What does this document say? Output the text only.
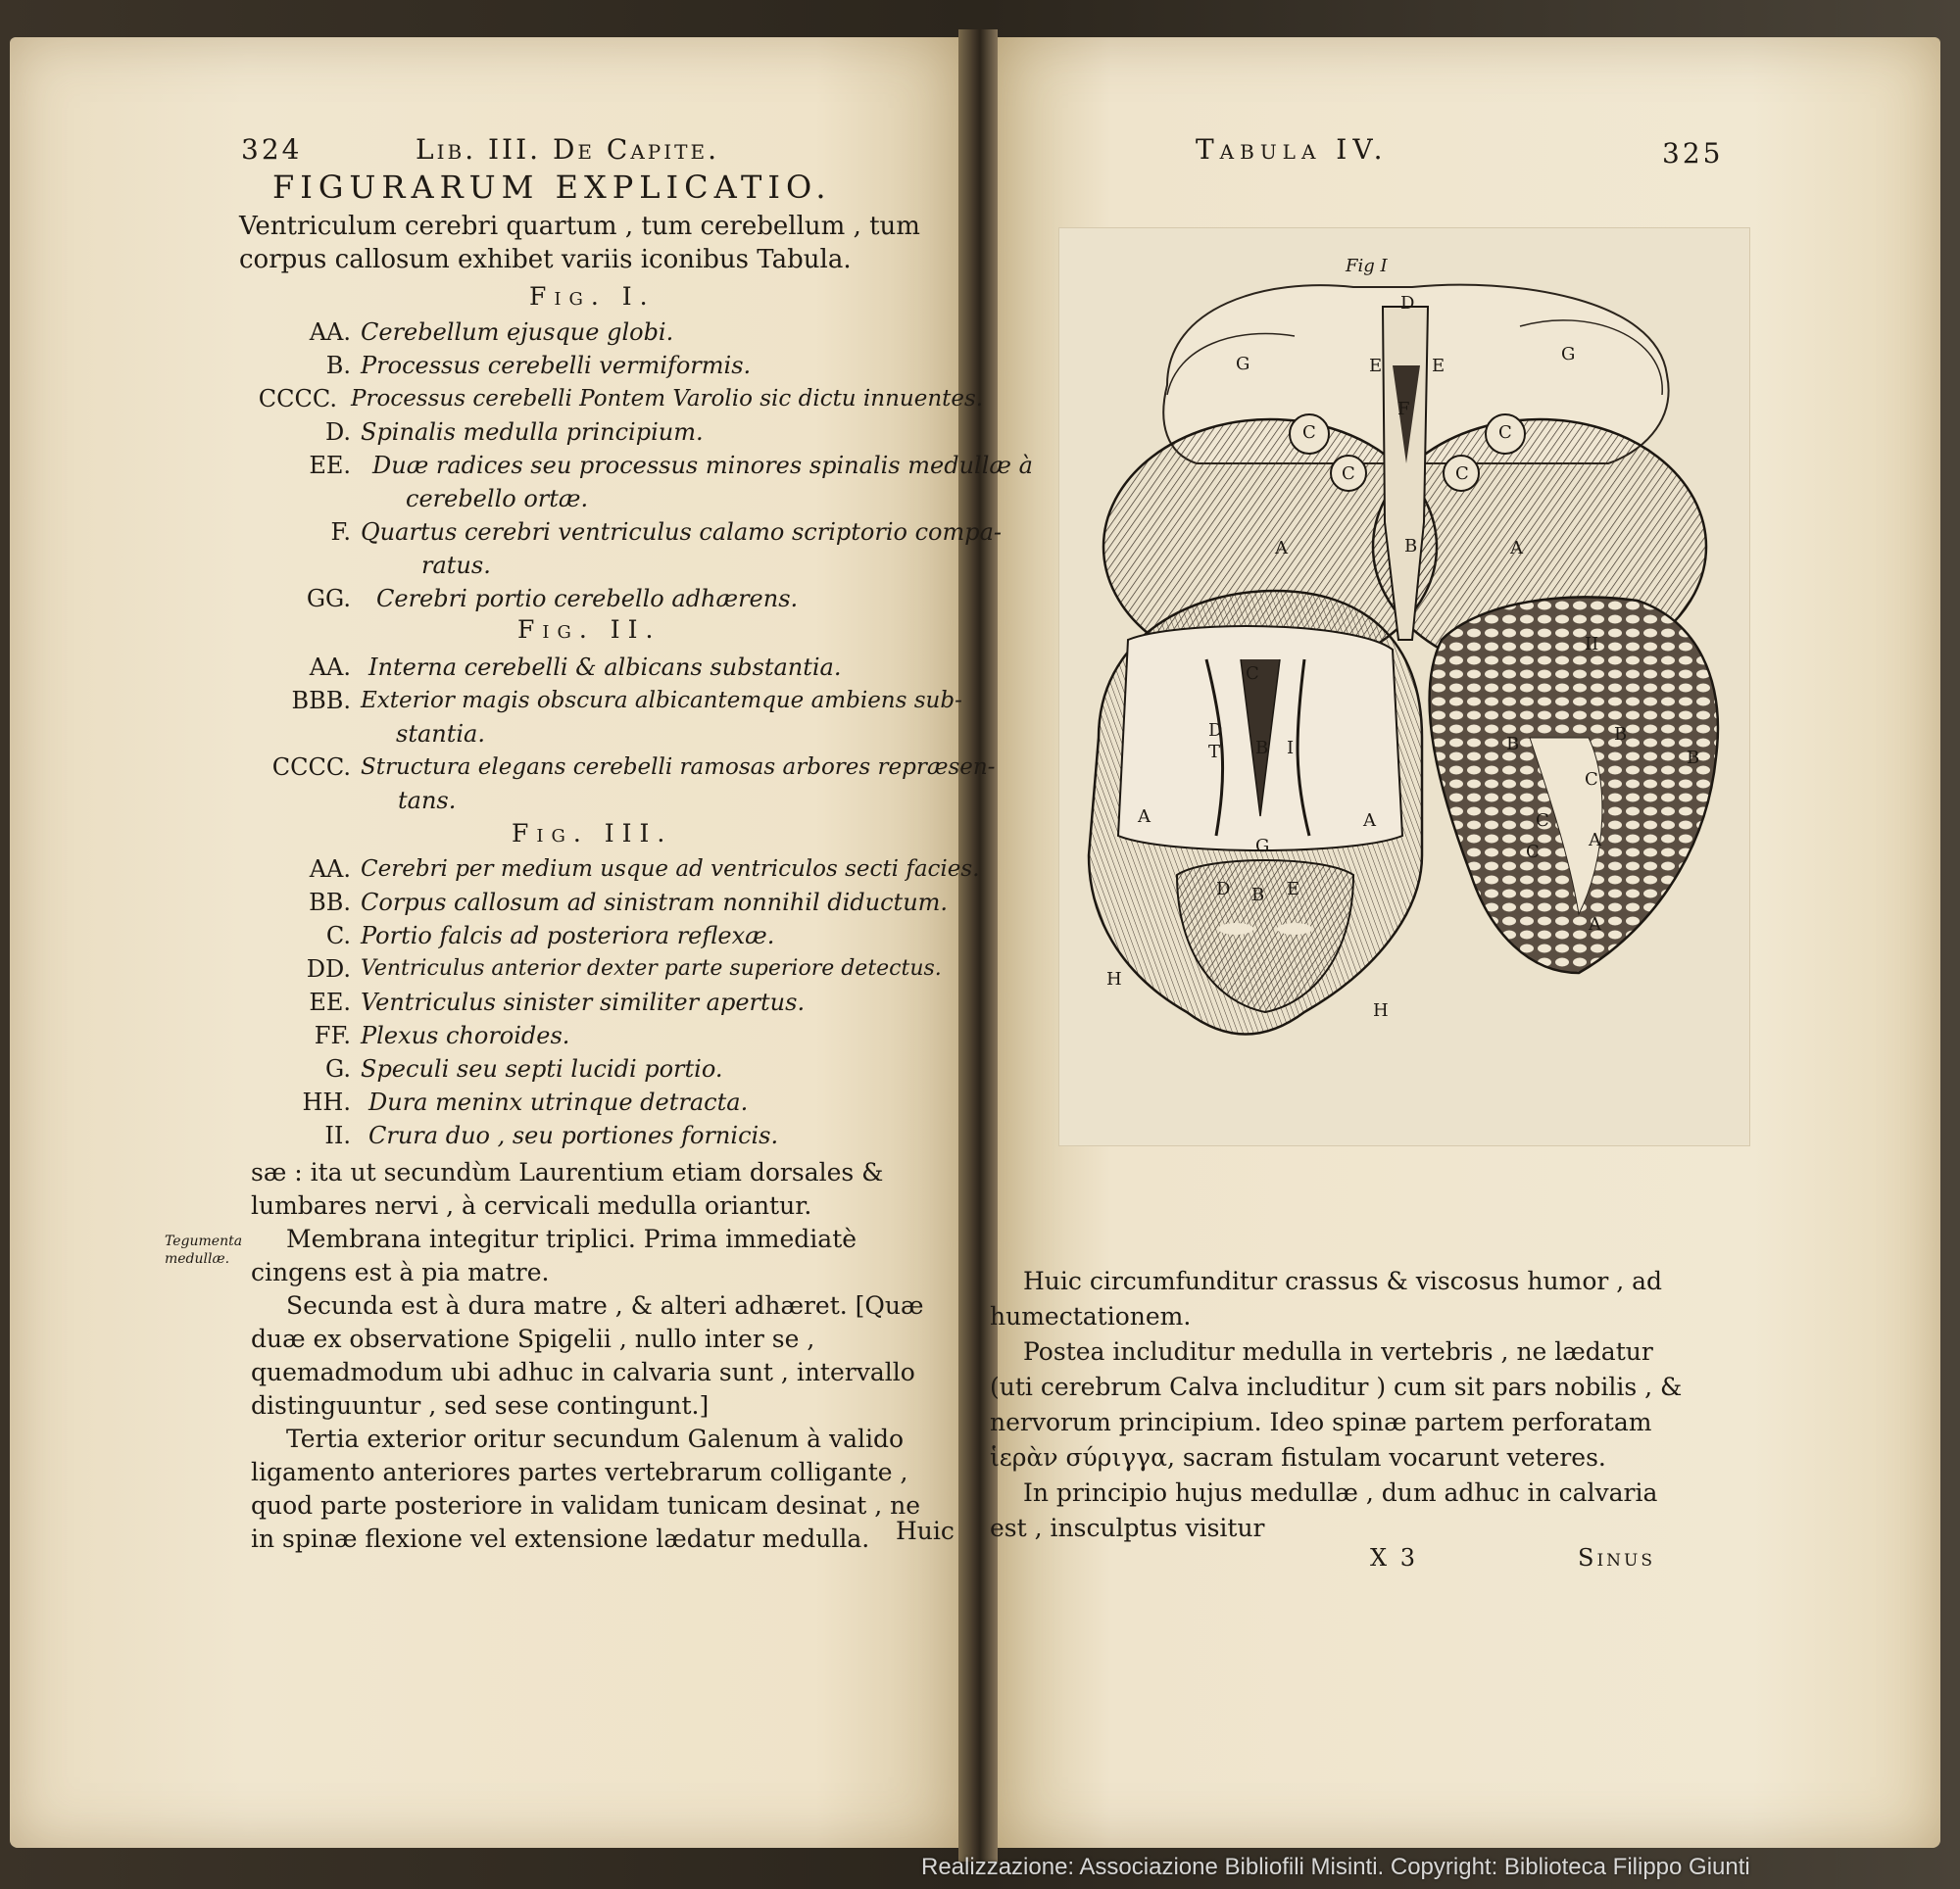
324	Lib. III. De Capite.
FIGURARUM EXPLICATIO.
Ventriculum cerebri quartum , tum cerebellum , tum corpus callosum exhibet variis iconibus Tabula.
Fig. I.
AA. Cerebellum ejusque globi.
B. Processus cerebelli vermiformis.
CCCC. Processus cerebelli Pontem Varolio sic dictu innuentes.
D. Spinalis medulla principium.
EE. Duæ radices seu processus minores spinalis medullæ à
cerebello ortæ.
F. Quartus cerebri ventriculus calamo scriptorio compa-
ratus.
GG. Cerebri portio cerebello adhærens.
Fig. II.
AA. Interna cerebelli & albicans substantia.
BBB. Exterior magis obscura albicantemque ambiens sub-
stantia.
CCCC. Structura elegans cerebelli ramosas arbores repræsen-
tans.
Fig. III.
AA. Cerebri per medium usque ad ventriculos secti facies.
BB. Corpus callosum ad sinistram nonnihil diductum.
C. Portio falcis ad posteriora reflexæ.
DD. Ventriculus anterior dexter parte superiore detectus.
EE. Ventriculus sinister similiter apertus.
FF. Plexus choroides.
G. Speculi seu septi lucidi portio.
HH. Dura meninx utrinque detracta.
II. Crura duo , seu portiones fornicis.

sæ : ita ut secundùm Laurentium etiam dorsales & lumbares nervi , à cervicali medulla oriantur.

Membrana integitur triplici. Prima immediatè cingens est à pia matre.

Secunda est à dura matre , & alteri adhæret. [Quæ duæ ex observatione Spigelii , nullo inter se , quemadmodum ubi adhuc in calvaria sunt , intervallo distinguuntur , sed sese contingunt.]

Tertia exterior oritur secundum Galenum à valido ligamento anteriores partes vertebrarum colligante , quod parte posteriore in validam tunicam desinat , ne in spinæ flexione vel extensione lædatur medulla.	Huic
Tegumenta medullæ.
Tabula IV.	325
Fig I
D
E	E
G	G
C	C
C	C
F
B
A	A
II
C
D
T B I
A	A
G
D B E
H
H
B	B
C
C
C
A
A
B

Huic circumfunditur crassus & viscosus humor , ad humectationem.

Postea includitur medulla in vertebris , ne lædatur (uti cerebrum Calva includitur ) cum sit pars nobilis , & nervorum principium. Ideo spinæ partem perforatam ἱερὰν σύριγγα, sacram fistulam vocarunt veteres.

In principio hujus medullæ , dum adhuc in calvaria est , insculptus visitur

X 3	Sinus
Realizzazione: Associazione Bibliofili Misinti. Copyright: Biblioteca Filippo Giunti
